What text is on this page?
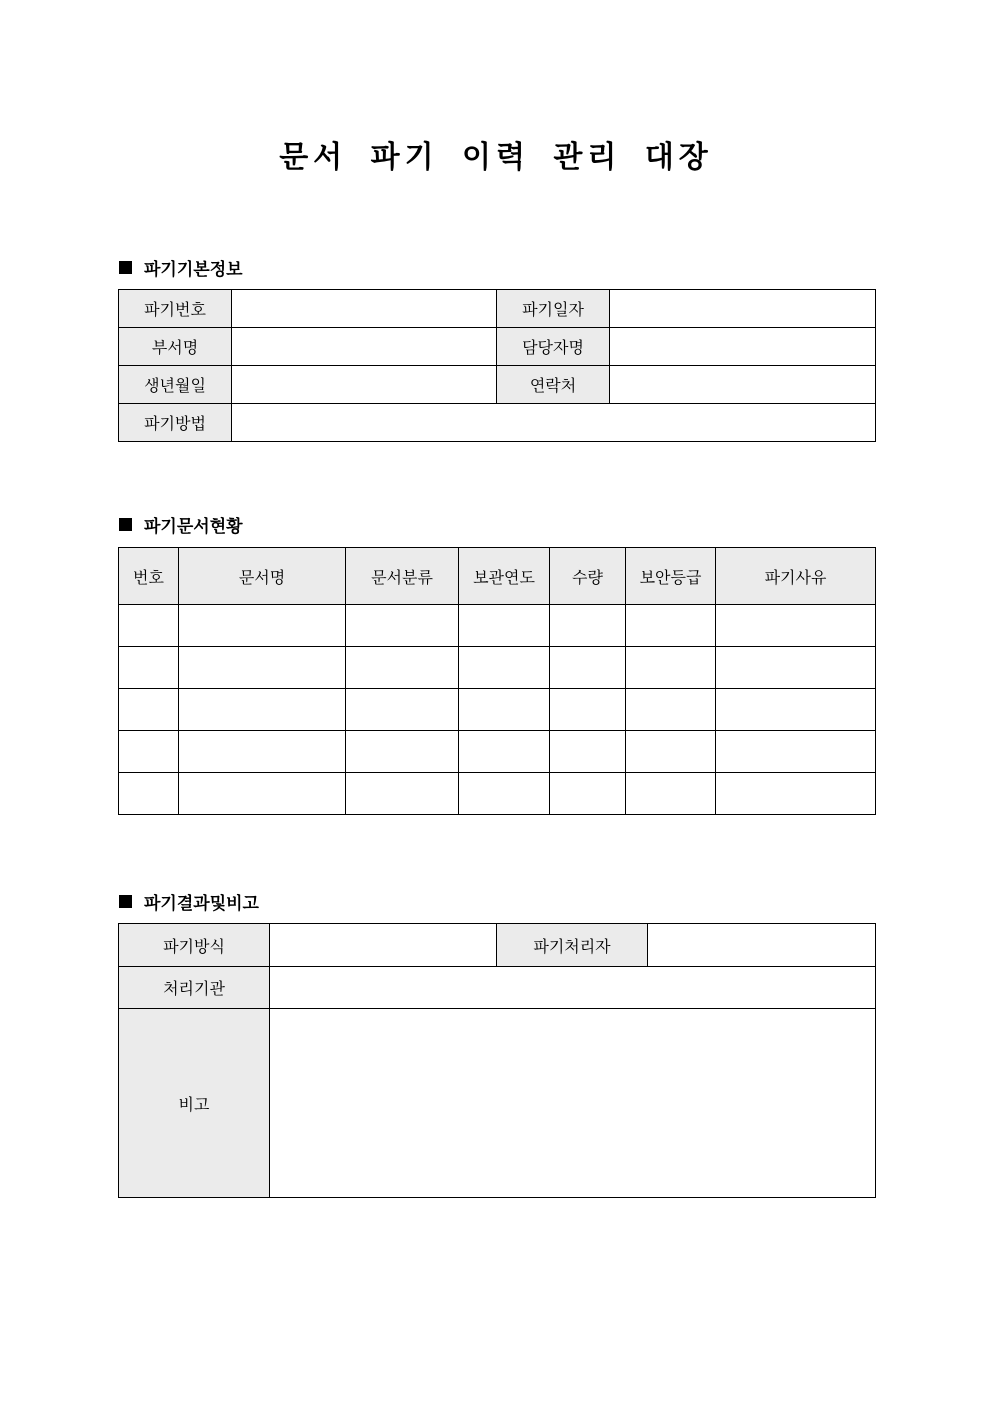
문서 파기 이력 관리 대장
파기기본정보
파기번호		파기일자	
부서명		담당자명	
생년월일		연락처	
파기방법			
파기문서현황
번호	문서명	문서분류	보관연도	수량	보안등급	파기사유

파기결과및비고
파기방식		파기처리자	
처리기관			
비고			
